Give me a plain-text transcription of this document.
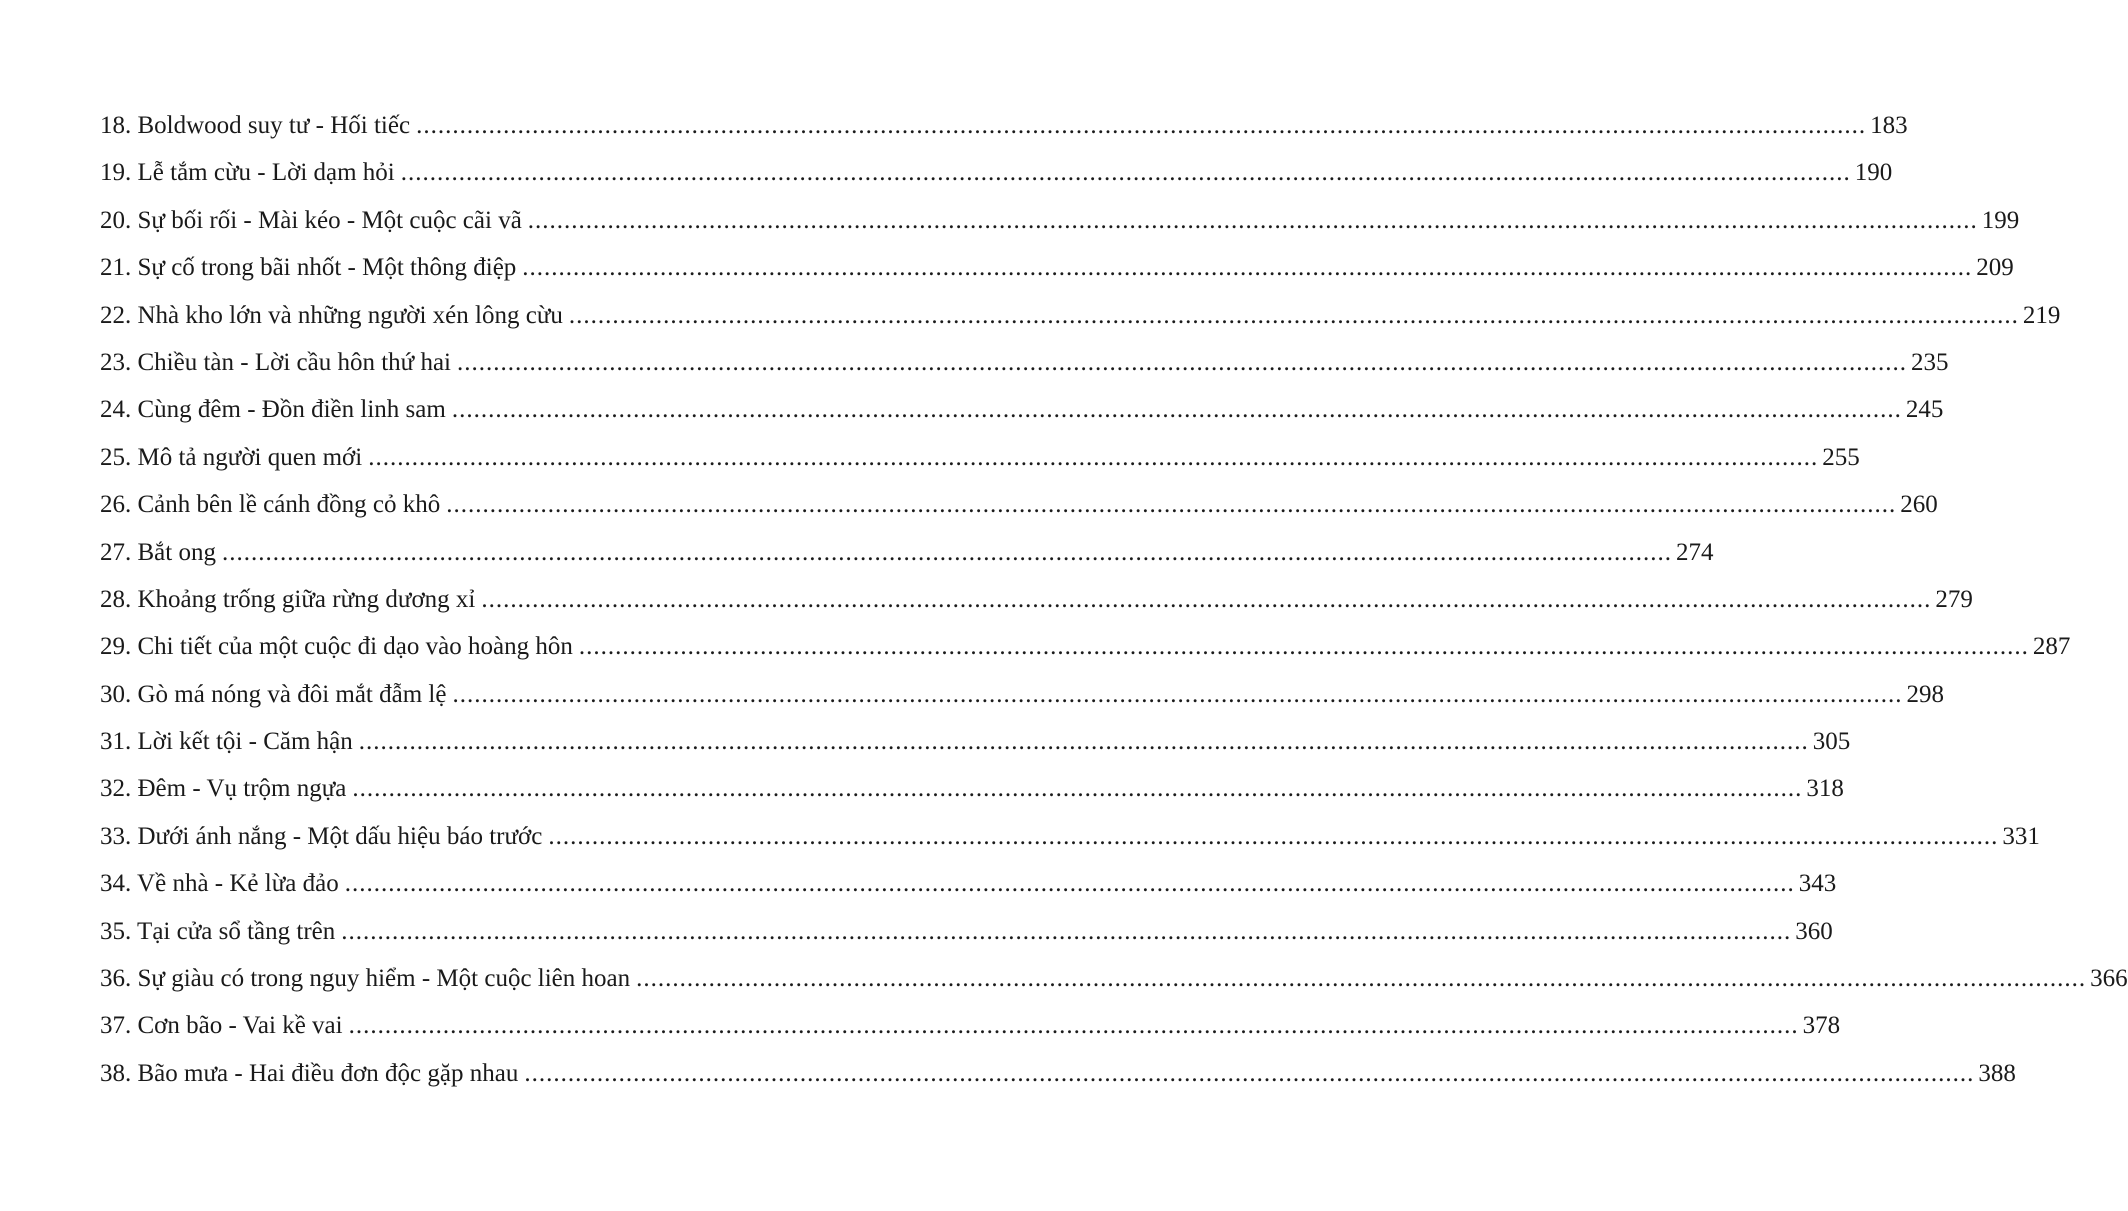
18. Boldwood suy tư - Hối tiếc ........................................................................................................................................................................................................ 183
19. Lễ tắm cừu - Lời dạm hỏi ........................................................................................................................................................................................................ 190
20. Sự bối rối - Mài kéo - Một cuộc cãi vã ........................................................................................................................................................................................................ 199
21. Sự cố trong bãi nhốt - Một thông điệp ........................................................................................................................................................................................................ 209
22. Nhà kho lớn và những người xén lông cừu ........................................................................................................................................................................................................ 219
23. Chiều tàn - Lời cầu hôn thứ hai ........................................................................................................................................................................................................ 235
24. Cùng đêm - Đồn điền linh sam ........................................................................................................................................................................................................ 245
25. Mô tả người quen mới ........................................................................................................................................................................................................ 255
26. Cảnh bên lề cánh đồng cỏ khô ........................................................................................................................................................................................................ 260
27. Bắt ong ........................................................................................................................................................................................................ 274
28. Khoảng trống giữa rừng dương xỉ ........................................................................................................................................................................................................ 279
29. Chi tiết của một cuộc đi dạo vào hoàng hôn ........................................................................................................................................................................................................ 287
30. Gò má nóng và đôi mắt đẫm lệ ........................................................................................................................................................................................................ 298
31. Lời kết tội - Căm hận ........................................................................................................................................................................................................ 305
32. Đêm - Vụ trộm ngựa ........................................................................................................................................................................................................ 318
33. Dưới ánh nắng - Một dấu hiệu báo trước ........................................................................................................................................................................................................ 331
34. Về nhà - Kẻ lừa đảo ........................................................................................................................................................................................................ 343
35. Tại cửa sổ tầng trên ........................................................................................................................................................................................................ 360
36. Sự giàu có trong nguy hiểm - Một cuộc liên hoan ........................................................................................................................................................................................................ 366
37. Cơn bão - Vai kề vai ........................................................................................................................................................................................................ 378
38. Bão mưa - Hai điều đơn độc gặp nhau ........................................................................................................................................................................................................ 388
